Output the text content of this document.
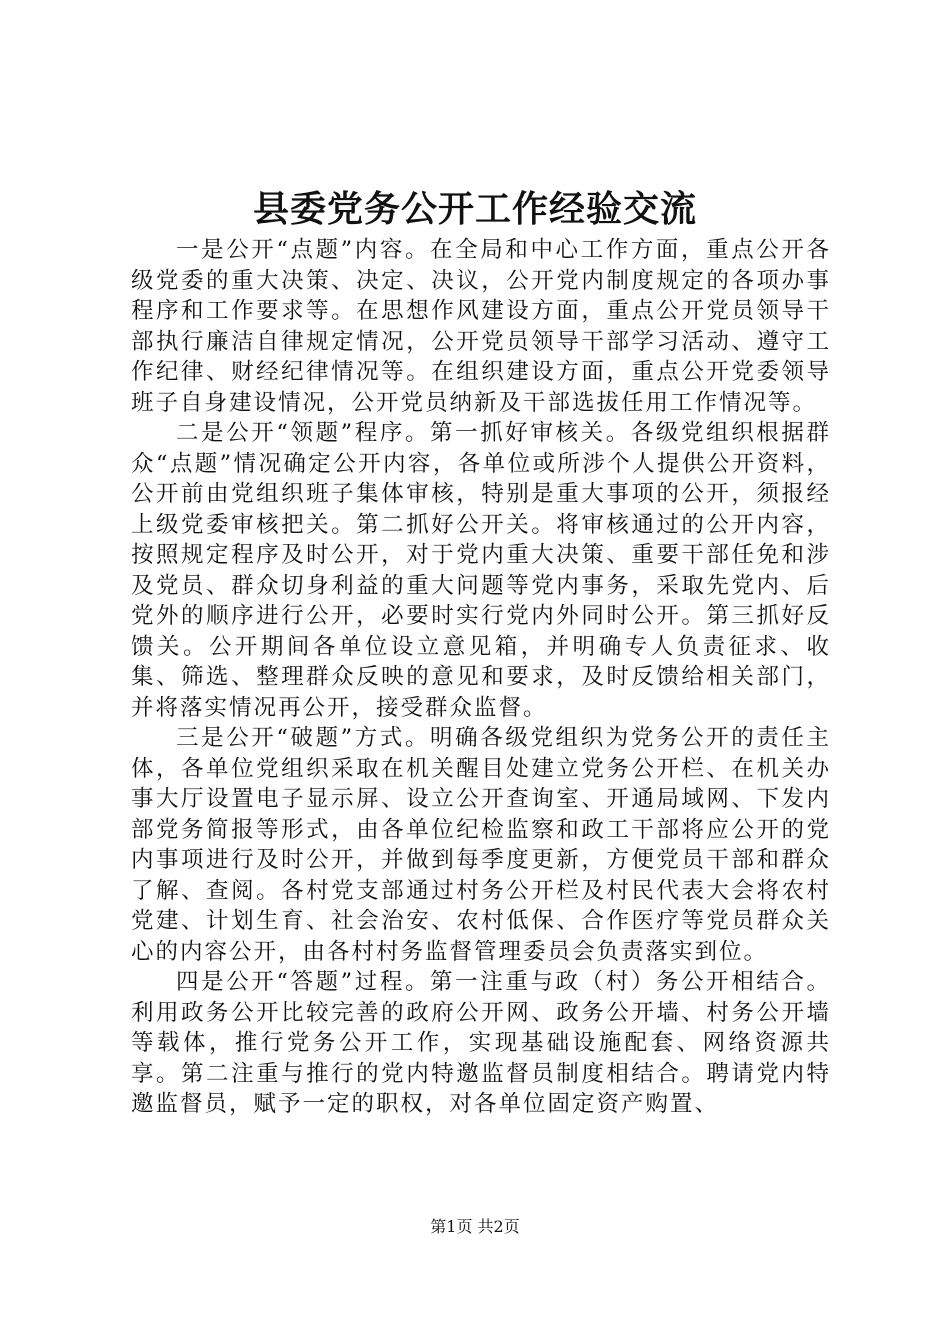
县委党务公开工作经验交流

一是公开“点题”内容。在全局和中心工作方面，重点公开各级党委的重大决策、决定、决议，公开党内制度规定的各项办事程序和工作要求等。在思想作风建设方面，重点公开党员领导干部执行廉洁自律规定情况，公开党员领导干部学习活动、遵守工作纪律、财经纪律情况等。在组织建设方面，重点公开党委领导班子自身建设情况，公开党员纳新及干部选拔任用工作情况等。

二是公开“领题”程序。第一抓好审核关。各级党组织根据群众“点题”情况确定公开内容，各单位或所涉个人提供公开资料，公开前由党组织班子集体审核，特别是重大事项的公开，须报经上级党委审核把关。第二抓好公开关。将审核通过的公开内容，按照规定程序及时公开，对于党内重大决策、重要干部任免和涉及党员、群众切身利益的重大问题等党内事务，采取先党内、后党外的顺序进行公开，必要时实行党内外同时公开。第三抓好反馈关。公开期间各单位设立意见箱，并明确专人负责征求、收集、筛选、整理群众反映的意见和要求，及时反馈给相关部门，并将落实情况再公开，接受群众监督。

三是公开“破题”方式。明确各级党组织为党务公开的责任主体，各单位党组织采取在机关醒目处建立党务公开栏、在机关办事大厅设置电子显示屏、设立公开查询室、开通局域网、下发内部党务简报等形式，由各单位纪检监察和政工干部将应公开的党内事项进行及时公开，并做到每季度更新，方便党员干部和群众了解、查阅。各村党支部通过村务公开栏及村民代表大会将农村党建、计划生育、社会治安、农村低保、合作医疗等党员群众关心的内容公开，由各村村务监督管理委员会负责落实到位。

四是公开“答题”过程。第一注重与政（村）务公开相结合。利用政务公开比较完善的政府公开网、政务公开墙、村务公开墙等载体，推行党务公开工作，实现基础设施配套、网络资源共享。第二注重与推行的党内特邀监督员制度相结合。聘请党内特邀监督员，赋予一定的职权，对各单位固定资产购置、

第1页 共2页
